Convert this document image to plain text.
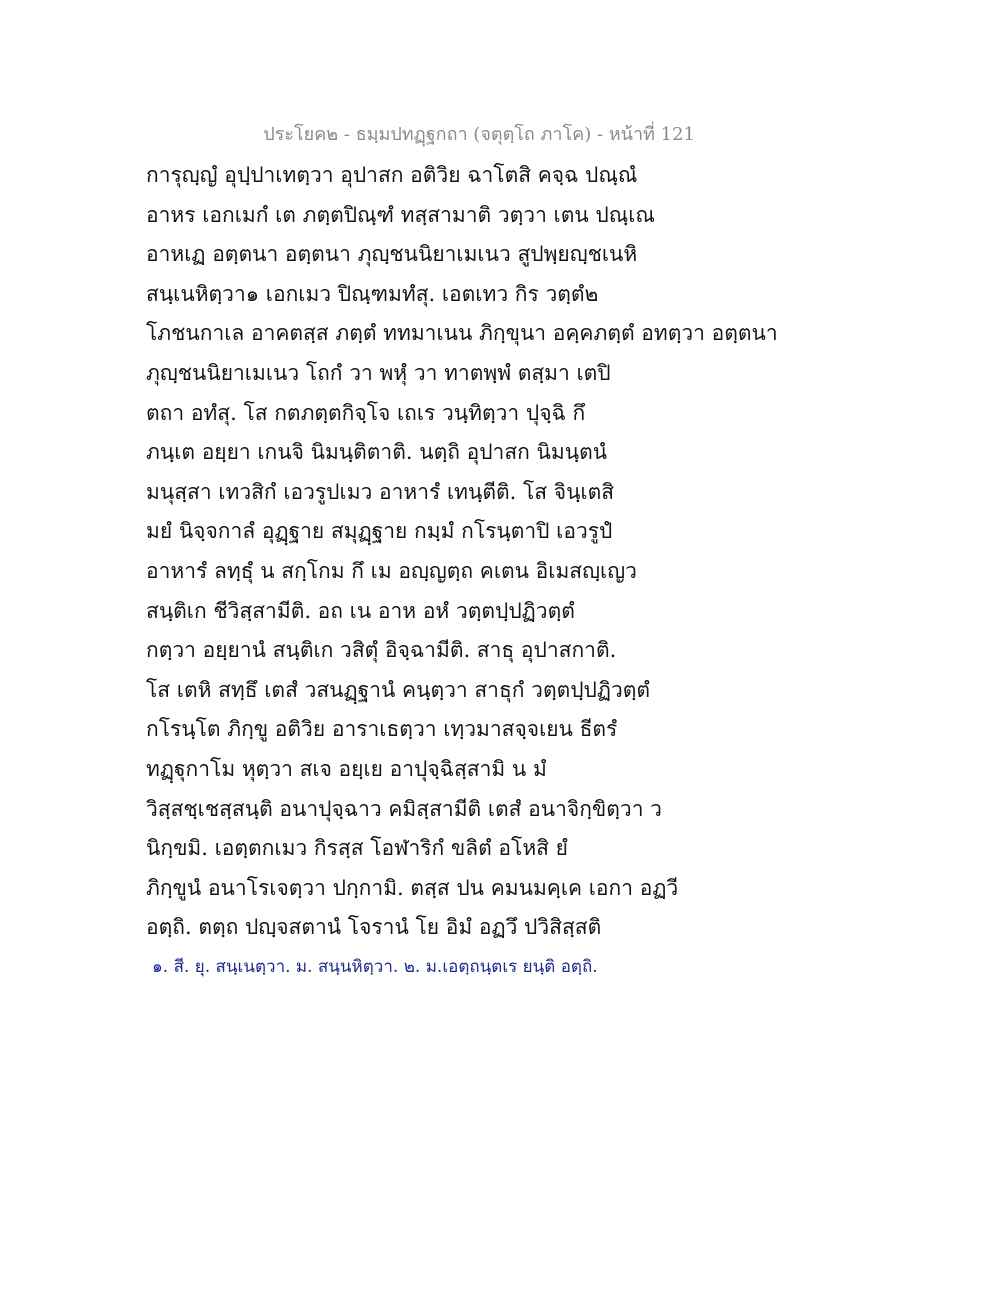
ประโยค๒ - ธมฺมปทฏฺฐกถา (จตุตฺโถ ภาโค) - หน้าที่ 121
การุญฺญํ อุปฺปาเทตฺวา อุปาสก อติวิย ฉาโตสิ คจฺฉ ปณฺณํ
อาหร เอกเมกํ เต ภตฺตปิณฺฑํ ทสฺสามาติ วตฺวา เตน ปณฺเณ
อาหเฏ อตฺตนา อตฺตนา ภุญฺชนนิยาเมเนว สูปพฺยญฺชเนหิ
สนฺเนหิตฺวา๑ เอกเมว ปิณฺฑมทํสุ. เอตเทว กิร วตฺตํ๒
โภชนกาเล อาคตสฺส ภตฺตํ ททมาเนน ภิกฺขุนา อคฺคภตฺตํ อทตฺวา อตฺตนา
ภุญฺชนนิยาเมเนว โถกํ วา พหุํ วา ทาตพฺพํ ตสฺมา เตปิ
ตถา อทํสุ. โส กตภตฺตกิจฺโจ เถเร วนฺทิตฺวา ปุจฺฉิ กึ
ภนฺเต อยฺยา เกนจิ นิมนฺติตาติ. นตฺถิ อุปาสก นิมนฺตนํ
มนุสฺสา เทวสิกํ เอวรูปเมว อาหารํ เทนฺตีติ. โส จินฺเตสิ
มยํ นิจฺจกาลํ อุฏฺฐาย สมุฏฺฐาย กมฺมํ กโรนฺตาปิ เอวรูปํ
อาหารํ ลทฺธุํ น สกฺโกม กึ เม อญฺญตฺถ คเตน อิเมสญฺเญว
สนฺติเก ชีวิสฺสามีติ. อถ เน อาห อหํ วตฺตปฺปฏิวตฺตํ
กตฺวา อยฺยานํ สนฺติเก วสิตุํ อิจฺฉามีติ. สาธุ อุปาสกาติ.
โส เตหิ สทฺธึ เตสํ วสนฏฺฐานํ คนฺตฺวา สาธุกํ วตฺตปฺปฏิวตฺตํ
กโรนฺโต ภิกฺขู อติวิย อาราเธตฺวา เทฺวมาสจฺจเยน ธีตรํ
ทฏฺฐุกาโม หุตฺวา สเจ อยฺเย อาปุจฺฉิสฺสามิ น มํ
วิสฺสชฺเชสฺสนฺติ อนาปุจฺฉาว คมิสฺสามีติ เตสํ อนาจิกฺขิตฺวา ว
นิกฺขมิ. เอตฺตกเมว กิรสฺส โอฬาริกํ ขลิตํ อโหสิ ยํ
ภิกฺขูนํ อนาโรเจตฺวา ปกฺกามิ. ตสฺส ปน คมนมคฺเค เอกา อฏวี
อตฺถิ. ตตฺถ ปญฺจสตานํ โจรานํ โย อิมํ อฏวึ ปวิสิสฺสติ
๑. สี. ยุ. สนฺเนตฺวา. ม. สนฺนหิตฺวา. ๒. ม.เอตฺถนฺตเร ยนฺติ อตฺถิ.
